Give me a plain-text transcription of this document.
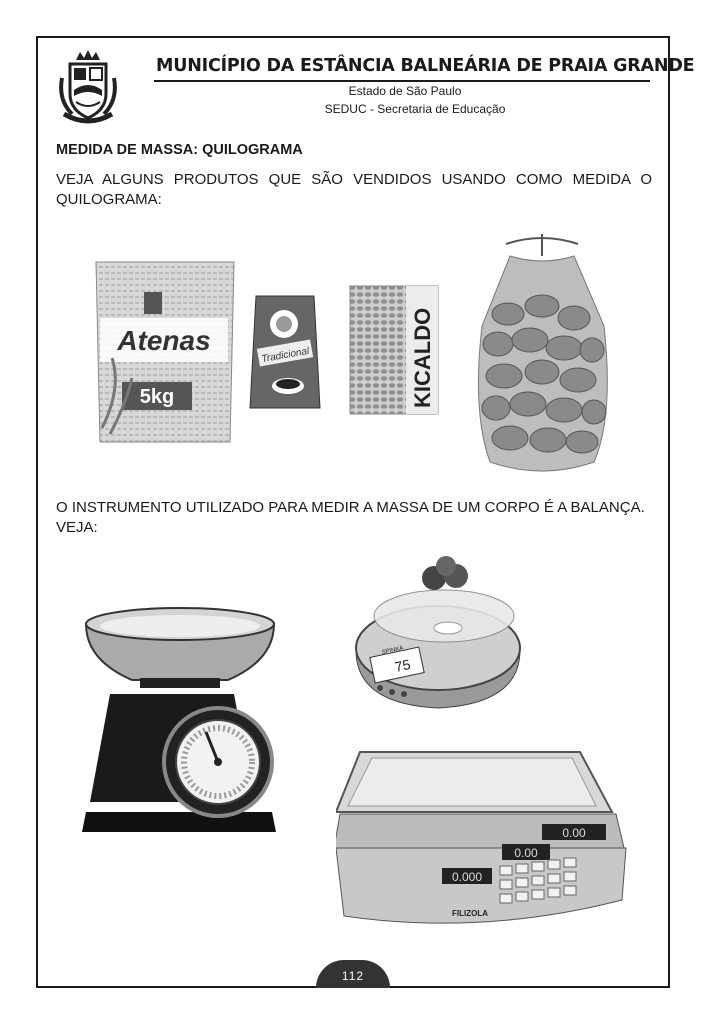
MUNICÍPIO DA ESTÂNCIA BALNEÁRIA DE PRAIA GRANDE
Estado de São Paulo
SEDUC - Secretaria de Educação
MEDIDA DE MASSA: QUILOGRAMA
VEJA ALGUNS PRODUTOS QUE SÃO VENDIDOS USANDO COMO MEDIDA O QUILOGRAMA:
Atenas
5kg
Tradicional	KICALDO
O INSTRUMENTO UTILIZADO PARA MEDIR A MASSA DE UM CORPO É A BALANÇA. VEJA:
75
SPINKA
0.00
0.00
0.000
FILIZOLA
112
